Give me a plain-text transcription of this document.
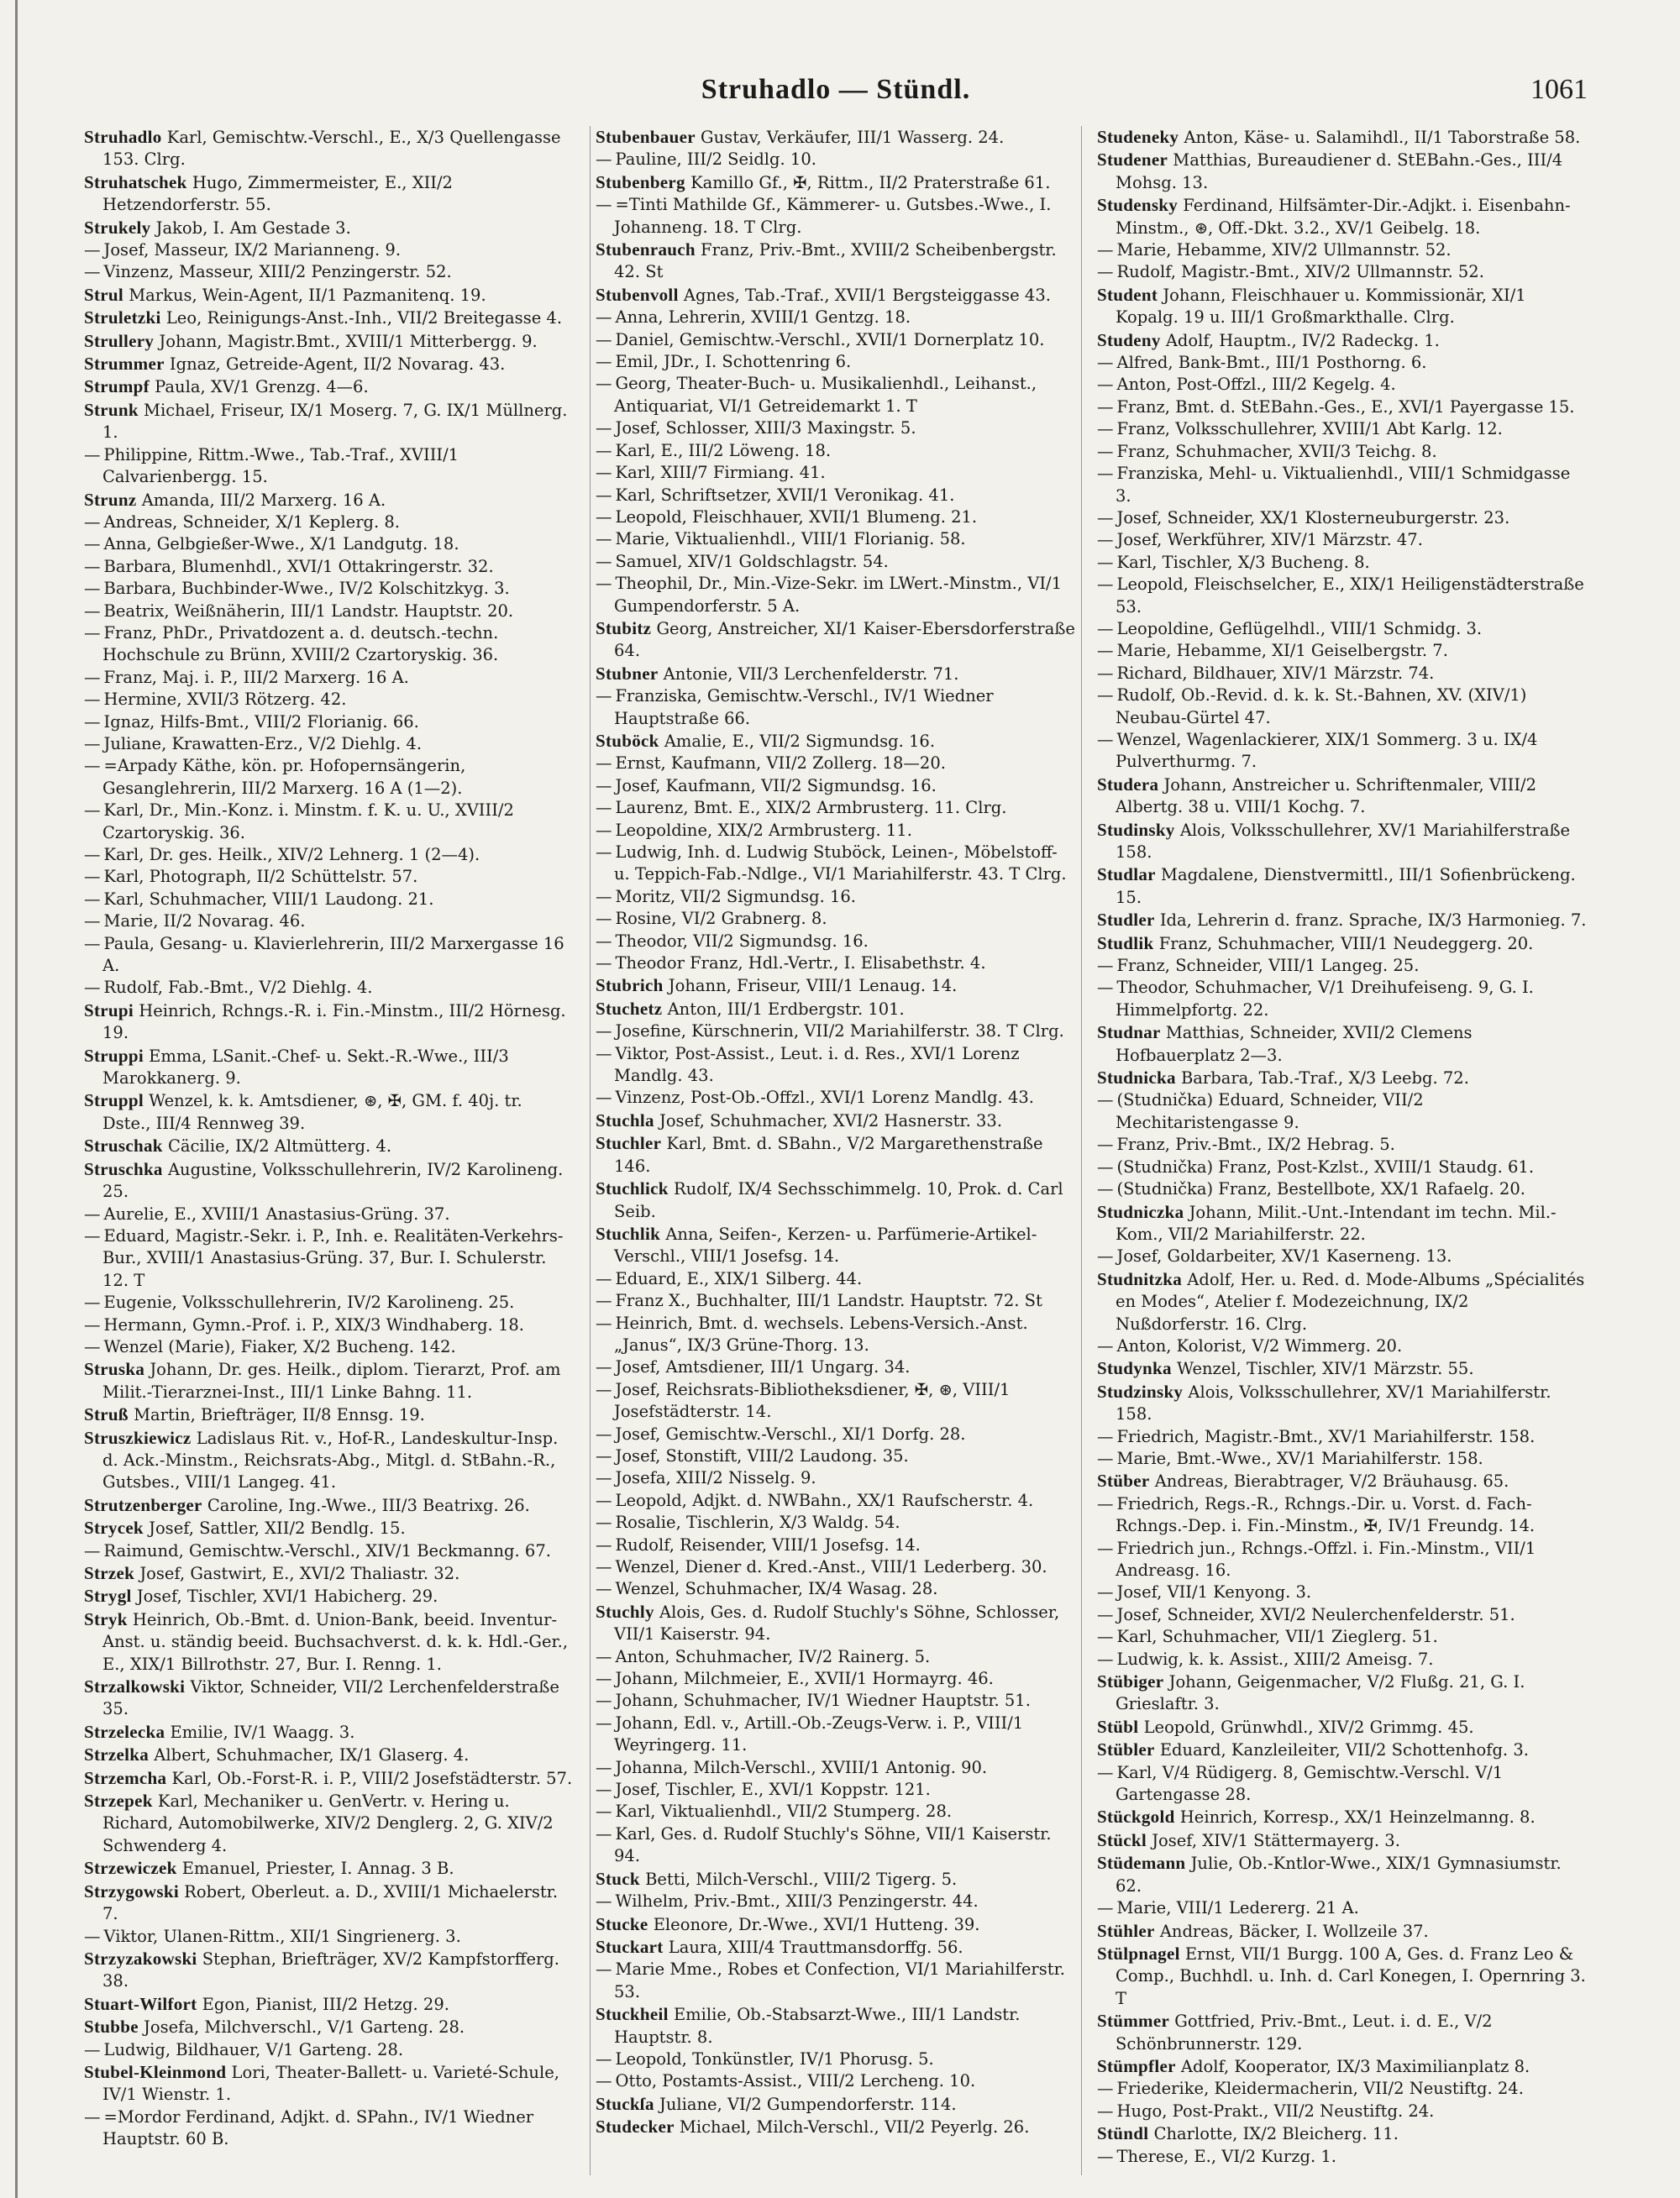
Struhadlo — Stündl.	1061

Struhadlo Karl, Gemischtw.-Verschl., E., X/3 Quellengasse 153. Clrg.

Struhatschek Hugo, Zimmermeister, E., XII/2 Hetzendorferstr. 55.

Strukely Jakob, I. Am Gestade 3.

— Josef, Masseur, IX/2 Marianneng. 9.

— Vinzenz, Masseur, XIII/2 Penzingerstr. 52.

Strul Markus, Wein-Agent, II/1 Pazmanitenq. 19.

Struletzki Leo, Reinigungs-Anst.-Inh., VII/2 Breitegasse 4.

Strullery Johann, Magistr.Bmt., XVIII/1 Mitterbergg. 9.

Strummer Ignaz, Getreide-Agent, II/2 Novarag. 43.

Strumpf Paula, XV/1 Grenzg. 4—6.

Strunk Michael, Friseur, IX/1 Moserg. 7, G. IX/1 Müllnerg. 1.

— Philippine, Rittm.-Wwe., Tab.-Traf., XVIII/1 Calvarienbergg. 15.

Strunz Amanda, III/2 Marxerg. 16 A.

— Andreas, Schneider, X/1 Keplerg. 8.

— Anna, Gelbgießer-Wwe., X/1 Landgutg. 18.

— Barbara, Blumenhdl., XVI/1 Ottakringerstr. 32.

— Barbara, Buchbinder-Wwe., IV/2 Kolschitzkyg. 3.

— Beatrix, Weißnäherin, III/1 Landstr. Hauptstr. 20.

— Franz, PhDr., Privatdozent a. d. deutsch.-techn. Hochschule zu Brünn, XVIII/2 Czartoryskig. 36.

— Franz, Maj. i. P., III/2 Marxerg. 16 A.

— Hermine, XVII/3 Rötzerg. 42.

— Ignaz, Hilfs-Bmt., VIII/2 Florianig. 66.

— Juliane, Krawatten-Erz., V/2 Diehlg. 4.

— =Arpady Käthe, kön. pr. Hofopernsängerin, Gesanglehrerin, III/2 Marxerg. 16 A (1—2).

— Karl, Dr., Min.-Konz. i. Minstm. f. K. u. U., XVIII/2 Czartoryskig. 36.

— Karl, Dr. ges. Heilk., XIV/2 Lehnerg. 1 (2—4).

— Karl, Photograph, II/2 Schüttelstr. 57.

— Karl, Schuhmacher, VIII/1 Laudong. 21.

— Marie, II/2 Novarag. 46.

— Paula, Gesang- u. Klavierlehrerin, III/2 Marxergasse 16 A.

— Rudolf, Fab.-Bmt., V/2 Diehlg. 4.

Strupi Heinrich, Rchngs.-R. i. Fin.-Minstm., III/2 Hörnesg. 19.

Struppi Emma, LSanit.-Chef- u. Sekt.-R.-Wwe., III/3 Marokkanerg. 9.

Struppl Wenzel, k. k. Amtsdiener, ⊛, ✠, GM. f. 40j. tr. Dste., III/4 Rennweg 39.

Struschak Cäcilie, IX/2 Altmütterg. 4.

Struschka Augustine, Volksschullehrerin, IV/2 Karolineng. 25.

— Aurelie, E., XVIII/1 Anastasius-Grüng. 37.

— Eduard, Magistr.-Sekr. i. P., Inh. e. Realitäten-Verkehrs-Bur., XVIII/1 Anastasius-Grüng. 37, Bur. I. Schulerstr. 12. T

— Eugenie, Volksschullehrerin, IV/2 Karolineng. 25.

— Hermann, Gymn.-Prof. i. P., XIX/3 Windhaberg. 18.

— Wenzel (Marie), Fiaker, X/2 Bucheng. 142.

Struska Johann, Dr. ges. Heilk., diplom. Tierarzt, Prof. am Milit.-Tierarznei-Inst., III/1 Linke Bahng. 11.

Struß Martin, Briefträger, II/8 Ennsg. 19.

Struszkiewicz Ladislaus Rit. v., Hof-R., Landeskultur-Insp. d. Ack.-Minstm., Reichsrats-Abg., Mitgl. d. StBahn.-R., Gutsbes., VIII/1 Langeg. 41.

Strutzenberger Caroline, Ing.-Wwe., III/3 Beatrixg. 26.

Strycek Josef, Sattler, XII/2 Bendlg. 15.

— Raimund, Gemischtw.-Verschl., XIV/1 Beckmanng. 67.

Strzek Josef, Gastwirt, E., XVI/2 Thaliastr. 32.

Strygl Josef, Tischler, XVI/1 Habicherg. 29.

Stryk Heinrich, Ob.-Bmt. d. Union-Bank, beeid. Inventur-Anst. u. ständig beeid. Buchsachverst. d. k. k. Hdl.-Ger., E., XIX/1 Billrothstr. 27, Bur. I. Renng. 1.

Strzalkowski Viktor, Schneider, VII/2 Lerchenfelderstraße 35.

Strzelecka Emilie, IV/1 Waagg. 3.

Strzelka Albert, Schuhmacher, IX/1 Glaserg. 4.

Strzemcha Karl, Ob.-Forst-R. i. P., VIII/2 Josefstädterstr. 57.

Strzepek Karl, Mechaniker u. GenVertr. v. Hering u. Richard, Automobilwerke, XIV/2 Denglerg. 2, G. XIV/2 Schwenderg 4.

Strzewiczek Emanuel, Priester, I. Annag. 3 B.

Strzygowski Robert, Oberleut. a. D., XVIII/1 Michaelerstr. 7.

— Viktor, Ulanen-Rittm., XII/1 Singrienerg. 3.

Strzyzakowski Stephan, Briefträger, XV/2 Kampfstorfferg. 38.

Stuart-Wilfort Egon, Pianist, III/2 Hetzg. 29.

Stubbe Josefa, Milchverschl., V/1 Garteng. 28.

— Ludwig, Bildhauer, V/1 Garteng. 28.

Stubel-Kleinmond Lori, Theater-Ballett- u. Varieté-Schule, IV/1 Wienstr. 1.

— =Mordor Ferdinand, Adjkt. d. SPahn., IV/1 Wiedner Hauptstr. 60 B.

Stubenbauer Gustav, Verkäufer, III/1 Wasserg. 24.

— Pauline, III/2 Seidlg. 10.

Stubenberg Kamillo Gf., ✠, Rittm., II/2 Praterstraße 61.

— =Tinti Mathilde Gf., Kämmerer- u. Gutsbes.-Wwe., I. Johanneng. 18. T Clrg.

Stubenrauch Franz, Priv.-Bmt., XVIII/2 Scheibenbergstr. 42. St

Stubenvoll Agnes, Tab.-Traf., XVII/1 Bergsteiggasse 43.

— Anna, Lehrerin, XVIII/1 Gentzg. 18.

— Daniel, Gemischtw.-Verschl., XVII/1 Dornerplatz 10.

— Emil, JDr., I. Schottenring 6.

— Georg, Theater-Buch- u. Musikalienhdl., Leihanst., Antiquariat, VI/1 Getreidemarkt 1. T

— Josef, Schlosser, XIII/3 Maxingstr. 5.

— Karl, E., III/2 Löweng. 18.

— Karl, XIII/7 Firmiang. 41.

— Karl, Schriftsetzer, XVII/1 Veronikag. 41.

— Leopold, Fleischhauer, XVII/1 Blumeng. 21.

— Marie, Viktualienhdl., VIII/1 Florianig. 58.

— Samuel, XIV/1 Goldschlagstr. 54.

— Theophil, Dr., Min.-Vize-Sekr. im LWert.-Minstm., VI/1 Gumpendorferstr. 5 A.

Stubitz Georg, Anstreicher, XI/1 Kaiser-Ebersdorferstraße 64.

Stubner Antonie, VII/3 Lerchenfelderstr. 71.

— Franziska, Gemischtw.-Verschl., IV/1 Wiedner Hauptstraße 66.

Stuböck Amalie, E., VII/2 Sigmundsg. 16.

— Ernst, Kaufmann, VII/2 Zollerg. 18—20.

— Josef, Kaufmann, VII/2 Sigmundsg. 16.

— Laurenz, Bmt. E., XIX/2 Armbrusterg. 11. Clrg.

— Leopoldine, XIX/2 Armbrusterg. 11.

— Ludwig, Inh. d. Ludwig Stuböck, Leinen-, Möbelstoff- u. Teppich-Fab.-Ndlge., VI/1 Mariahilferstr. 43. T Clrg.

— Moritz, VII/2 Sigmundsg. 16.

— Rosine, VI/2 Grabnerg. 8.

— Theodor, VII/2 Sigmundsg. 16.

— Theodor Franz, Hdl.-Vertr., I. Elisabethstr. 4.

Stubrich Johann, Friseur, VIII/1 Lenaug. 14.

Stuchetz Anton, III/1 Erdbergstr. 101.

— Josefine, Kürschnerin, VII/2 Mariahilferstr. 38. T Clrg.

— Viktor, Post-Assist., Leut. i. d. Res., XVI/1 Lorenz Mandlg. 43.

— Vinzenz, Post-Ob.-Offzl., XVI/1 Lorenz Mandlg. 43.

Stuchla Josef, Schuhmacher, XVI/2 Hasnerstr. 33.

Stuchler Karl, Bmt. d. SBahn., V/2 Margarethenstraße 146.

Stuchlick Rudolf, IX/4 Sechsschimmelg. 10, Prok. d. Carl Seib.

Stuchlik Anna, Seifen-, Kerzen- u. Parfümerie-Artikel-Verschl., VIII/1 Josefsg. 14.

— Eduard, E., XIX/1 Silberg. 44.

— Franz X., Buchhalter, III/1 Landstr. Hauptstr. 72. St

— Heinrich, Bmt. d. wechsels. Lebens-Versich.-Anst. „Janus“, IX/3 Grüne-Thorg. 13.

— Josef, Amtsdiener, III/1 Ungarg. 34.

— Josef, Reichsrats-Bibliotheksdiener, ✠, ⊛, VIII/1 Josefstädterstr. 14.

— Josef, Gemischtw.-Verschl., XI/1 Dorfg. 28.

— Josef, Stonstift, VIII/2 Laudong. 35.

— Josefa, XIII/2 Nisselg. 9.

— Leopold, Adjkt. d. NWBahn., XX/1 Raufscherstr. 4.

— Rosalie, Tischlerin, X/3 Waldg. 54.

— Rudolf, Reisender, VIII/1 Josefsg. 14.

— Wenzel, Diener d. Kred.-Anst., VIII/1 Lederberg. 30.

— Wenzel, Schuhmacher, IX/4 Wasag. 28.

Stuchly Alois, Ges. d. Rudolf Stuchly's Söhne, Schlosser, VII/1 Kaiserstr. 94.

— Anton, Schuhmacher, IV/2 Rainerg. 5.

— Johann, Milchmeier, E., XVII/1 Hormayrg. 46.

— Johann, Schuhmacher, IV/1 Wiedner Hauptstr. 51.

— Johann, Edl. v., Artill.-Ob.-Zeugs-Verw. i. P., VIII/1 Weyringerg. 11.

— Johanna, Milch-Verschl., XVIII/1 Antonig. 90.

— Josef, Tischler, E., XVI/1 Koppstr. 121.

— Karl, Viktualienhdl., VII/2 Stumperg. 28.

— Karl, Ges. d. Rudolf Stuchly's Söhne, VII/1 Kaiserstr. 94.

Stuck Betti, Milch-Verschl., VIII/2 Tigerg. 5.

— Wilhelm, Priv.-Bmt., XIII/3 Penzingerstr. 44.

Stucke Eleonore, Dr.-Wwe., XVI/1 Hutteng. 39.

Stuckart Laura, XIII/4 Trauttmansdorffg. 56.

— Marie Mme., Robes et Confection, VI/1 Mariahilferstr. 53.

Stuckheil Emilie, Ob.-Stabsarzt-Wwe., III/1 Landstr. Hauptstr. 8.

— Leopold, Tonkünstler, IV/1 Phorusg. 5.

— Otto, Postamts-Assist., VIII/2 Lercheng. 10.

Stuckſa Juliane, VI/2 Gumpendorferstr. 114.

Studecker Michael, Milch-Verschl., VII/2 Peyerlg. 26.

Studeneky Anton, Käse- u. Salamihdl., II/1 Taborstraße 58.

Studener Matthias, Bureaudiener d. StEBahn.-Ges., III/4 Mohsg. 13.

Studensky Ferdinand, Hilfsämter-Dir.-Adjkt. i. Eisenbahn-Minstm., ⊛, Off.-Dkt. 3.2., XV/1 Geibelg. 18.

— Marie, Hebamme, XIV/2 Ullmannstr. 52.

— Rudolf, Magistr.-Bmt., XIV/2 Ullmannstr. 52.

Student Johann, Fleischhauer u. Kommissionär, XI/1 Kopalg. 19 u. III/1 Großmarkthalle. Clrg.

Studeny Adolf, Hauptm., IV/2 Radeckg. 1.

— Alfred, Bank-Bmt., III/1 Posthorng. 6.

— Anton, Post-Offzl., III/2 Kegelg. 4.

— Franz, Bmt. d. StEBahn.-Ges., E., XVI/1 Payergasse 15.

— Franz, Volksschullehrer, XVIII/1 Abt Karlg. 12.

— Franz, Schuhmacher, XVII/3 Teichg. 8.

— Franziska, Mehl- u. Viktualienhdl., VIII/1 Schmidgasse 3.

— Josef, Schneider, XX/1 Klosterneuburgerstr. 23.

— Josef, Werkführer, XIV/1 Märzstr. 47.

— Karl, Tischler, X/3 Bucheng. 8.

— Leopold, Fleischselcher, E., XIX/1 Heiligenstädterstraße 53.

— Leopoldine, Geflügelhdl., VIII/1 Schmidg. 3.

— Marie, Hebamme, XI/1 Geiselbergstr. 7.

— Richard, Bildhauer, XIV/1 Märzstr. 74.

— Rudolf, Ob.-Revid. d. k. k. St.-Bahnen, XV. (XIV/1) Neubau-Gürtel 47.

— Wenzel, Wagenlackierer, XIX/1 Sommerg. 3 u. IX/4 Pulverthurmg. 7.

Studera Johann, Anstreicher u. Schriftenmaler, VIII/2 Albertg. 38 u. VIII/1 Kochg. 7.

Studinsky Alois, Volksschullehrer, XV/1 Mariahilferstraße 158.

Studlar Magdalene, Dienstvermittl., III/1 Sofienbrückeng. 15.

Studler Ida, Lehrerin d. franz. Sprache, IX/3 Harmonieg. 7.

Studlik Franz, Schuhmacher, VIII/1 Neudeggerg. 20.

— Franz, Schneider, VIII/1 Langeg. 25.

— Theodor, Schuhmacher, V/1 Dreihufeiseng. 9, G. I. Himmelpfortg. 22.

Studnar Matthias, Schneider, XVII/2 Clemens Hofbauerplatz 2—3.

Studnicka Barbara, Tab.-Traf., X/3 Leebg. 72.

— (Studnička) Eduard, Schneider, VII/2 Mechitaristengasse 9.

— Franz, Priv.-Bmt., IX/2 Hebrag. 5.

— (Studnička) Franz, Post-Kzlst., XVIII/1 Staudg. 61.

— (Studnička) Franz, Bestellbote, XX/1 Rafaelg. 20.

Studniczka Johann, Milit.-Unt.-Intendant im techn. Mil.-Kom., VII/2 Mariahilferstr. 22.

— Josef, Goldarbeiter, XV/1 Kaserneng. 13.

Studnitzka Adolf, Her. u. Red. d. Mode-Albums „Spécialités en Modes“, Atelier f. Modezeichnung, IX/2 Nußdorferstr. 16. Clrg.

— Anton, Kolorist, V/2 Wimmerg. 20.

Studynka Wenzel, Tischler, XIV/1 Märzstr. 55.

Studzinsky Alois, Volksschullehrer, XV/1 Mariahilferstr. 158.

— Friedrich, Magistr.-Bmt., XV/1 Mariahilferstr. 158.

— Marie, Bmt.-Wwe., XV/1 Mariahilferstr. 158.

Stüber Andreas, Bierabtrager, V/2 Bräuhausg. 65.

— Friedrich, Regs.-R., Rchngs.-Dir. u. Vorst. d. Fach-Rchngs.-Dep. i. Fin.-Minstm., ✠, IV/1 Freundg. 14.

— Friedrich jun., Rchngs.-Offzl. i. Fin.-Minstm., VII/1 Andreasg. 16.

— Josef, VII/1 Kenyong. 3.

— Josef, Schneider, XVI/2 Neulerchenfelderstr. 51.

— Karl, Schuhmacher, VII/1 Zieglerg. 51.

— Ludwig, k. k. Assist., XIII/2 Ameisg. 7.

Stübiger Johann, Geigenmacher, V/2 Flußg. 21, G. I. Grieslaftr. 3.

Stübl Leopold, Grünwhdl., XIV/2 Grimmg. 45.

Stübler Eduard, Kanzleileiter, VII/2 Schottenhofg. 3.

— Karl, V/4 Rüdigerg. 8, Gemischtw.-Verschl. V/1 Gartengasse 28.

Stückgold Heinrich, Korresp., XX/1 Heinzelmanng. 8.

Stückl Josef, XIV/1 Stättermayerg. 3.

Stüdemann Julie, Ob.-Kntlor-Wwe., XIX/1 Gymnasiumstr. 62.

— Marie, VIII/1 Ledererg. 21 A.

Stühler Andreas, Bäcker, I. Wollzeile 37.

Stülpnagel Ernst, VII/1 Burgg. 100 A, Ges. d. Franz Leo & Comp., Buchhdl. u. Inh. d. Carl Konegen, I. Opernring 3. T

Stümmer Gottfried, Priv.-Bmt., Leut. i. d. E., V/2 Schönbrunnerstr. 129.

Stümpfler Adolf, Kooperator, IX/3 Maximilianplatz 8.

— Friederike, Kleidermacherin, VII/2 Neustiftg. 24.

— Hugo, Post-Prakt., VII/2 Neustiftg. 24.

Stündl Charlotte, IX/2 Bleicherg. 11.

— Therese, E., VI/2 Kurzg. 1.
